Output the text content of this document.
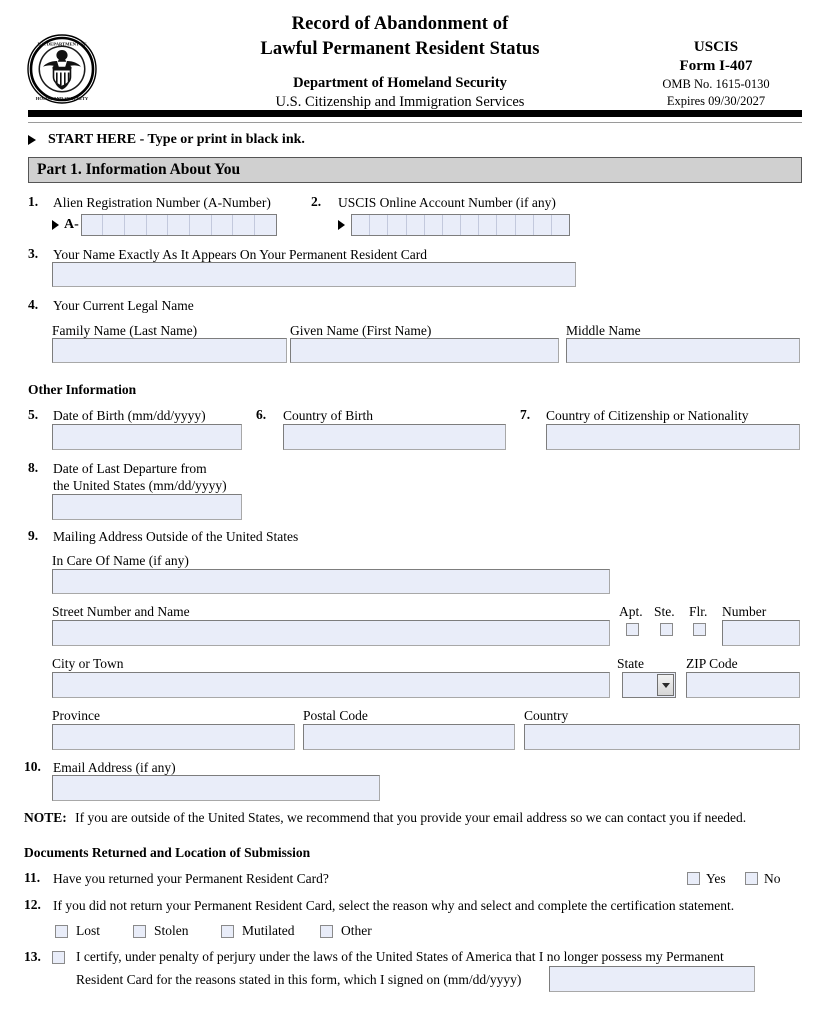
U.S. DEPARTMENT OF
HOMELAND SECURITY
Record of Abandonment of
Lawful Permanent Resident Status
Department of Homeland Security
U.S. Citizenship and Immigration Services
USCIS
Form I-407
OMB No. 1615-0130
Expires 09/30/2027
START HERE - Type or print in black ink.
Part 1. Information About You
1. Alien Registration Number (A-Number)
A-
2. USCIS Online Account Number (if any)
3. Your Name Exactly As It Appears On Your Permanent Resident Card
4. Your Current Legal Name
Family Name (Last Name)	Given Name (First Name)	Middle Name
Other Information
5. Date of Birth (mm/dd/yyyy)	6. Country of Birth	7. Country of Citizenship or Nationality
8. Date of Last Departure from
the United States (mm/dd/yyyy)
9. Mailing Address Outside of the United States
In Care Of Name (if any)
Street Number and Name	Apt. Ste. Flr. Number
City or Town	State	ZIP Code
Province	Postal Code	Country
10. Email Address (if any)
NOTE: If you are outside of the United States, we recommend that you provide your email address so we can contact you if needed.
Documents Returned and Location of Submission
11. Have you returned your Permanent Resident Card?	Yes	No
12. If you did not return your Permanent Resident Card, select the reason why and select and complete the certification statement.
Lost	Stolen	Mutilated	Other
13.	I certify, under penalty of perjury under the laws of the United States of America that I no longer possess my Permanent
Resident Card for the reasons stated in this form, which I signed on (mm/dd/yyyy)
